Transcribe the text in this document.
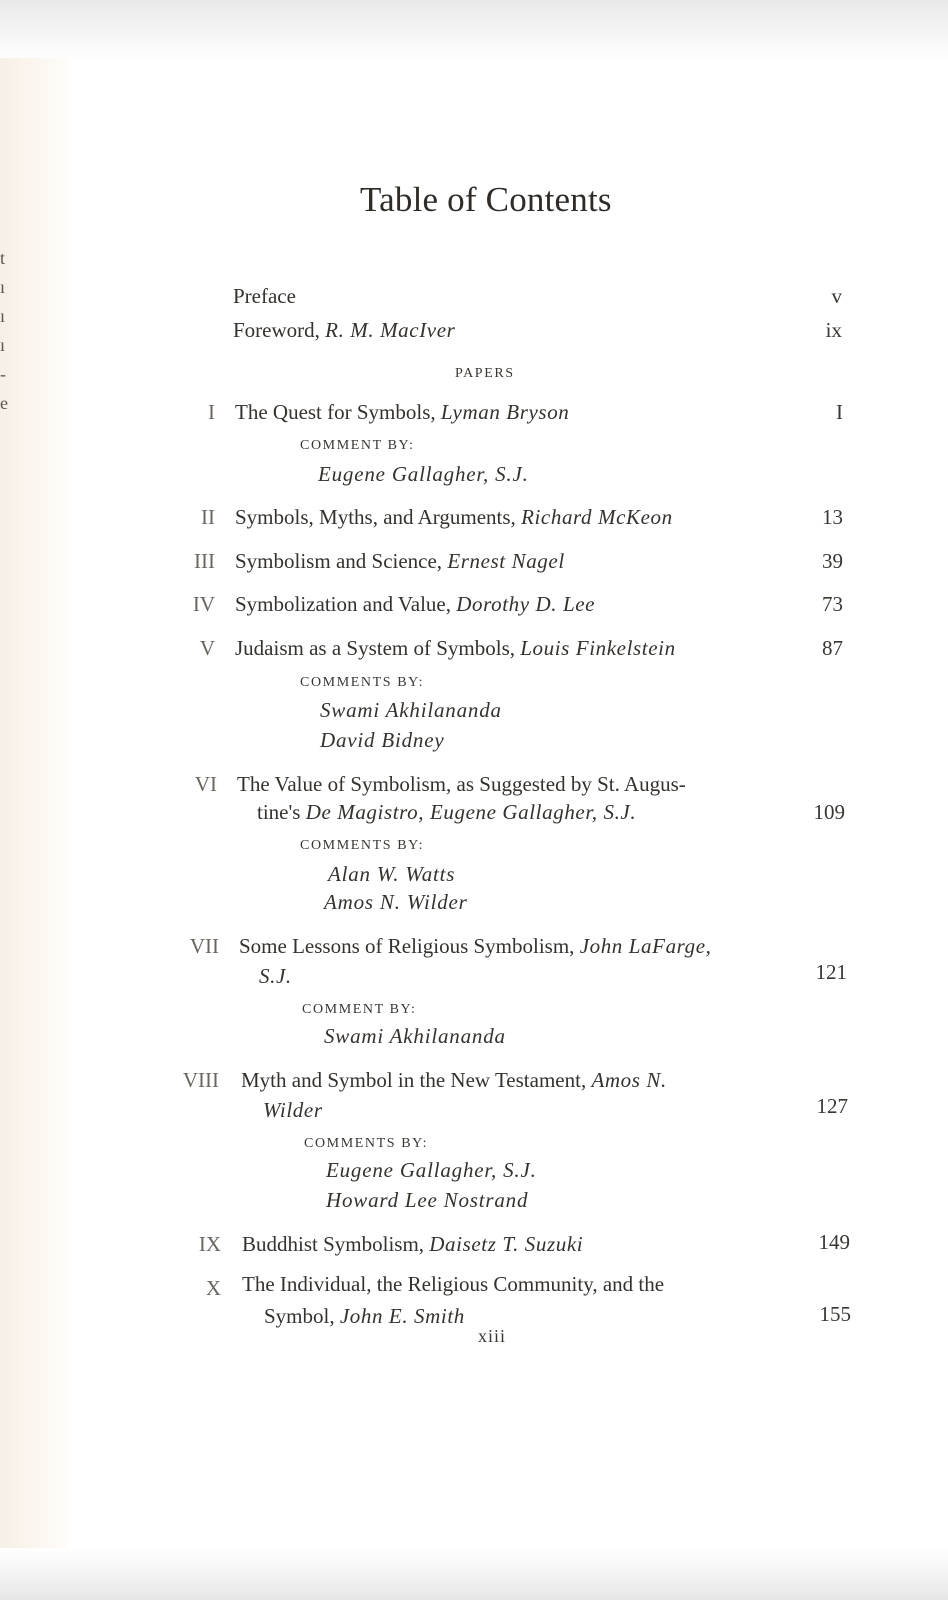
t
ı
ı
ı
-
e
Table of Contents
Preface	v
Foreword, R. M. MacIver	ix
PAPERS
I The Quest for Symbols, Lyman Bryson	I
COMMENT BY:
Eugene Gallagher, S.J.
II Symbols, Myths, and Arguments, Richard McKeon	13
III Symbolism and Science, Ernest Nagel	39
IV Symbolization and Value, Dorothy D. Lee	73
V Judaism as a System of Symbols, Louis Finkelstein	87
COMMENTS BY:
Swami Akhilananda
David Bidney
VI The Value of Symbolism, as Suggested by St. Augus-
tine's De Magistro, Eugene Gallagher, S.J.	109
COMMENTS BY:
Alan W. Watts
Amos N. Wilder
VII Some Lessons of Religious Symbolism, John LaFarge,
S.J.	121
COMMENT BY:
Swami Akhilananda
VIII Myth and Symbol in the New Testament, Amos N.
Wilder	127
COMMENTS BY:
Eugene Gallagher, S.J.
Howard Lee Nostrand
IX Buddhist Symbolism, Daisetz T. Suzuki	149
X The Individual, the Religious Community, and the
Symbol, John E. Smith	155
xiii
